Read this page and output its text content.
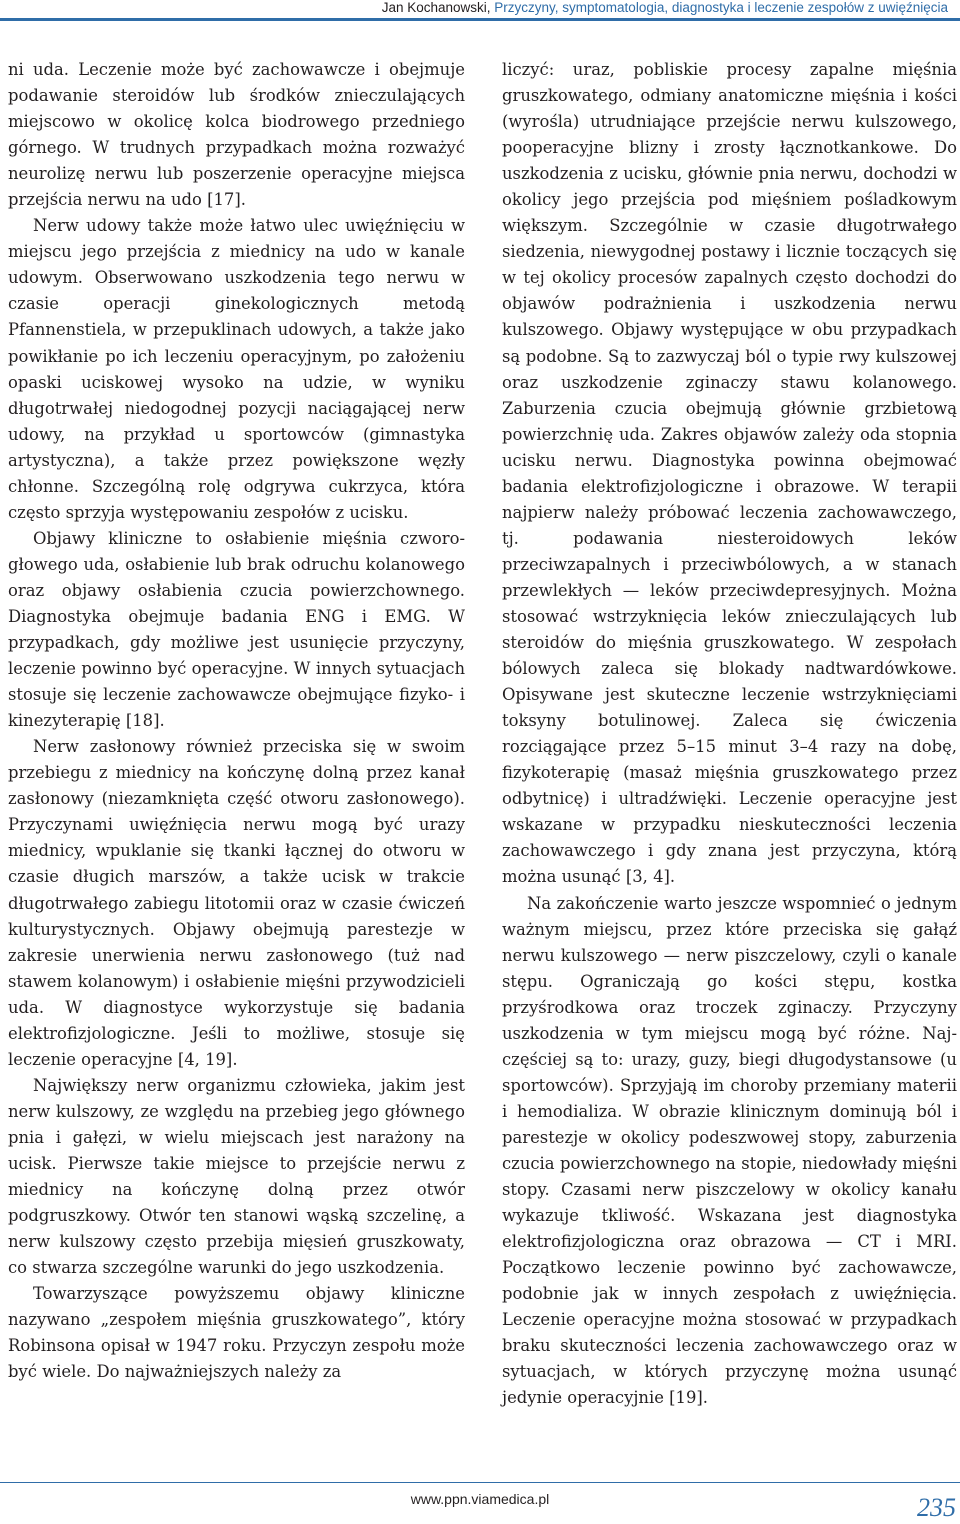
Jan Kochanowski, Przyczyny, symptomatologia, diagnostyka i leczenie zespołów z uwięźnięcia

ni uda. Leczenie może być zachowawcze i obejmuje podawanie steroidów lub środków znieczulających miejscowo w okolicę kolca biodrowego przedniego górnego. W trudnych przypadkach można rozważyć neurolizę nerwu lub poszerzenie operacyjne miejsca przejścia nerwu na udo [17].

Nerw udowy także może łatwo ulec uwięźnięciu w miejscu jego przejścia z miednicy na udo w kanale udowym. Obserwowano uszkodzenia tego nerwu w czasie operacji ginekologicznych metodą Pfannenstiela, w przepuklinach udowych, a także jako powikłanie po ich leczeniu operacyjnym, po założeniu opaski uciskowej wysoko na udzie, w wyniku długotrwałej niedogodnej pozycji naciągającej nerw udowy, na przykład u sportowców (gimnastyka artystyczna), a także przez powiększone węzły chłonne. Szczególną rolę odgrywa cukrzyca, która często sprzyja występowaniu zespołów z ucisku.

Objawy kliniczne to osłabienie mięśnia czworogłowego uda, osłabienie lub brak odruchu kolanowego oraz objawy osłabienia czucia powierzchownego. Diagnostyka obejmuje badania ENG i EMG. W przypadkach, gdy możliwe jest usunięcie przyczyny, leczenie powinno być operacyjne. W innych sytuacjach stosuje się leczenie zachowawcze obejmujące fizyko- i kinezyterapię [18].

Nerw zasłonowy również przeciska się w swoim przebiegu z miednicy na kończynę dolną przez kanał zasłonowy (niezamknięta część otworu zasłonowego). Przyczynami uwięźnięcia nerwu mogą być urazy miednicy, wpuklanie się tkanki łącznej do otworu w czasie długich marszów, a także ucisk w trakcie długotrwałego zabiegu litotomii oraz w czasie ćwiczeń kulturystycznych. Objawy obejmują parestezje w zakresie unerwienia nerwu zasłonowego (tuż nad stawem kolanowym) i osłabienie mięśni przywodzicieli uda. W diagnostyce wykorzystuje się badania elektrofizjologiczne. Jeśli to możliwe, stosuje się leczenie operacyjne [4, 19].

Największy nerw organizmu człowieka, jakim jest nerw kulszowy, ze względu na przebieg jego głównego pnia i gałęzi, w wielu miejscach jest narażony na ucisk. Pierwsze takie miejsce to przejście nerwu z miednicy na kończynę dolną przez otwór podgruszkowy. Otwór ten stanowi wąską szczelinę, a nerw kulszowy często przebija mięsień gruszkowaty, co stwarza szczególne warunki do jego uszkodzenia.

Towarzyszące powyższemu objawy kliniczne nazywano „zespołem mięśnia gruszkowatego”, który Robinsona opisał w 1947 roku. Przyczyn zespołu może być wiele. Do najważniejszych należy za

liczyć: uraz, pobliskie procesy zapalne mięśnia gruszkowatego, odmiany anatomiczne mięśnia i kości (wyrośla) utrudniające przejście nerwu kulszowego, pooperacyjne blizny i zrosty łącznotkankowe. Do uszkodzenia z ucisku, głównie pnia nerwu, dochodzi w okolicy jego przejścia pod mięśniem pośladkowym większym. Szczególnie w czasie długotrwałego siedzenia, niewygodnej postawy i licznie toczących się w tej okolicy procesów zapalnych często dochodzi do objawów podrażnienia i uszkodzenia nerwu kulszowego. Objawy występujące w obu przypadkach są podobne. Są to zazwyczaj ból o typie rwy kulszowej oraz uszkodzenie zginaczy stawu kolanowego. Zaburzenia czucia obejmują głównie grzbietową powierzchnię uda. Zakres objawów zależy oda stopnia ucisku nerwu. Diagnostyka powinna obejmować badania elektrofizjologiczne i obrazowe. W terapii najpierw należy próbować leczenia zachowawczego, tj. podawania niesteroidowych leków przeciwzapalnych i przeciwbólowych, a w stanach przewlekłych — leków przeciwdepresyjnych. Można stosować wstrzyknięcia leków znieczulających lub steroidów do mięśnia gruszkowatego. W zespołach bólowych zaleca się blokady nadtwardówkowe. Opisywane jest skuteczne leczenie wstrzyknięciami toksyny botulinowej. Zaleca się ćwiczenia rozciągające przez 5–15 minut 3–4 razy na dobę, fizykoterapię (masaż mięśnia gruszkowatego przez odbytnicę) i ultradźwięki. Leczenie operacyjne jest wskazane w przypadku nieskuteczności leczenia zachowawczego i gdy znana jest przyczyna, którą można usunąć [3, 4].

Na zakończenie warto jeszcze wspomnieć o jednym ważnym miejscu, przez które przeciska się gałąź nerwu kulszowego — nerw piszczelowy, czyli o kanale stępu. Ograniczają go kości stępu, kostka przyśrodkowa oraz troczek zginaczy. Przyczyny uszkodzenia w tym miejscu mogą być różne. Najczęściej są to: urazy, guzy, biegi długodystansowe (u sportowców). Sprzyjają im choroby przemiany materii i hemodializa. W obrazie klinicznym dominują ból i parestezje w okolicy podeszwowej stopy, zaburzenia czucia powierzchownego na stopie, niedowłady mięśni stopy. Czasami nerw piszczelowy w okolicy kanału wykazuje tkliwość. Wskazana jest diagnostyka elektrofizjologiczna oraz obrazowa — CT i MRI. Początkowo leczenie powinno być zachowawcze, podobnie jak w innych zespołach z uwięźnięcia. Leczenie operacyjne można stosować w przypadkach braku skuteczności leczenia zachowawczego oraz w sytuacjach, w których przyczynę można usunąć jedynie operacyjnie [19].

www.ppn.viamedica.pl	235
